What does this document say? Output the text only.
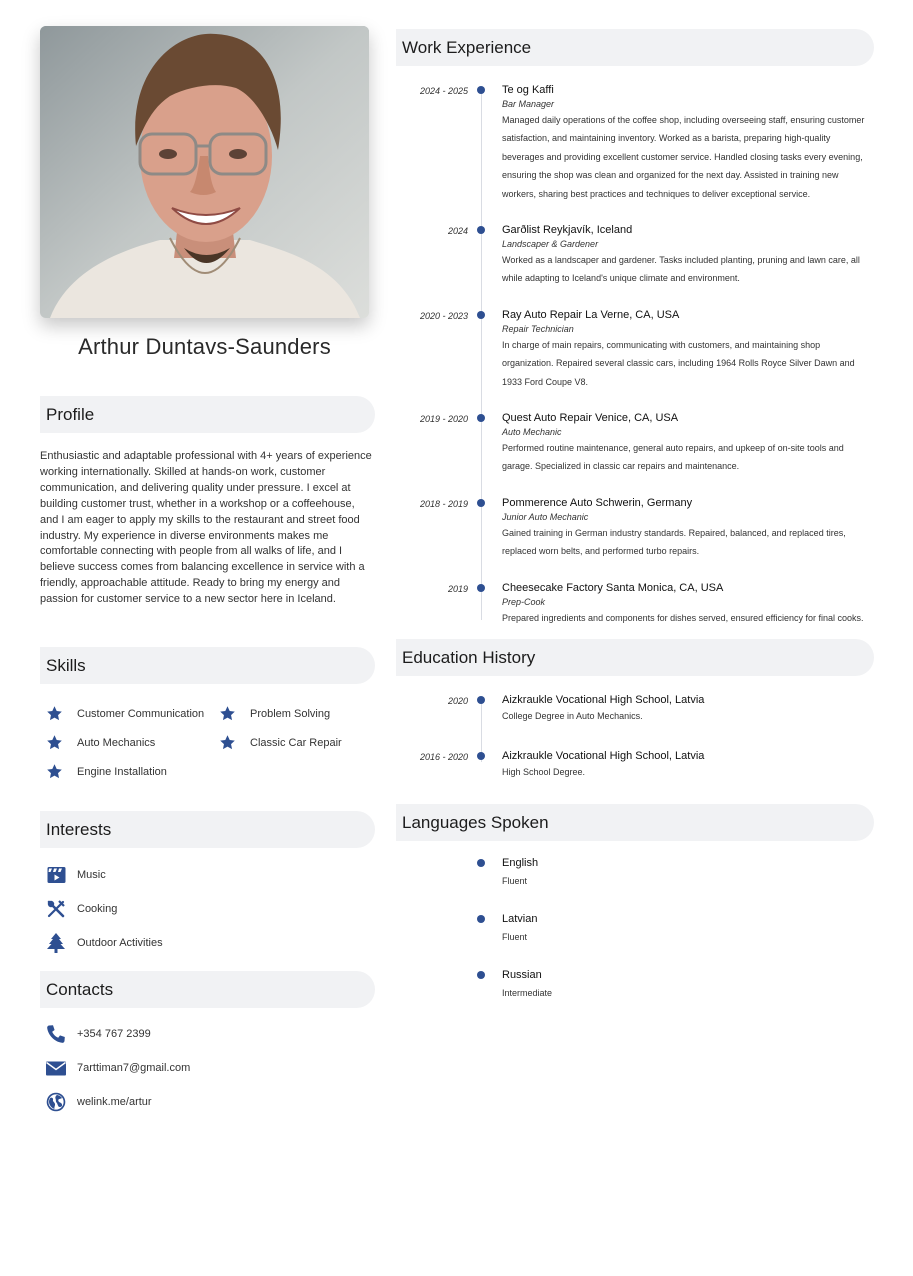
Arthur Duntavs-Saunders
Profile

Enthusiastic and adaptable professional with 4+ years of experience working internationally. Skilled at hands-on work, customer communication, and delivering quality under pressure. I excel at building customer trust, whether in a workshop or a coffeehouse, and I am eager to apply my skills to the restaurant and street food industry. My experience in diverse environments makes me comfortable connecting with people from all walks of life, and I believe success comes from balancing excellence in service with a friendly, approachable attitude. Ready to bring my energy and passion for customer service to a new sector here in Iceland.

Skills
Customer Communication	Problem Solving
Auto Mechanics	Classic Car Repair
Engine Installation
Interests
Music
Cooking
Outdoor Activities
Contacts
+354 767 2399
7arttiman7@gmail.com
welink.me/artur
Work Experience
2024 - 2025	Te og Kaffi
Bar Manager
Managed daily operations of the coffee shop, including overseeing staff, ensuring customer satisfaction, and maintaining inventory. Worked as a barista, preparing high-quality beverages and providing excellent customer service. Handled closing tasks every evening, ensuring the shop was clean and organized for the next day. Assisted in training new workers, sharing best practices and techniques to deliver exceptional service.
2024	Garðlist Reykjavík, Iceland
Landscaper & Gardener
Worked as a landscaper and gardener. Tasks included planting, pruning and lawn care, all while adapting to Iceland's unique climate and environment.
2020 - 2023	Ray Auto Repair La Verne, CA, USA
Repair Technician
In charge of main repairs, communicating with customers, and maintaining shop organization. Repaired several classic cars, including 1964 Rolls Royce Silver Dawn and 1933 Ford Coupe V8.
2019 - 2020	Quest Auto Repair Venice, CA, USA
Auto Mechanic
Performed routine maintenance, general auto repairs, and upkeep of on-site tools and garage. Specialized in classic car repairs and maintenance.
2018 - 2019	Pommerence Auto Schwerin, Germany
Junior Auto Mechanic
Gained training in German industry standards. Repaired, balanced, and replaced tires, replaced worn belts, and performed turbo repairs.
2019	Cheesecake Factory Santa Monica, CA, USA
Prep-Cook
Prepared ingredients and components for dishes served, ensured efficiency for final cooks.
Education History
2020	Aizkraukle Vocational High School, Latvia
College Degree in Auto Mechanics.
2016 - 2020	Aizkraukle Vocational High School, Latvia
High School Degree.
Languages Spoken
English
Fluent
Latvian
Fluent
Russian
Intermediate
